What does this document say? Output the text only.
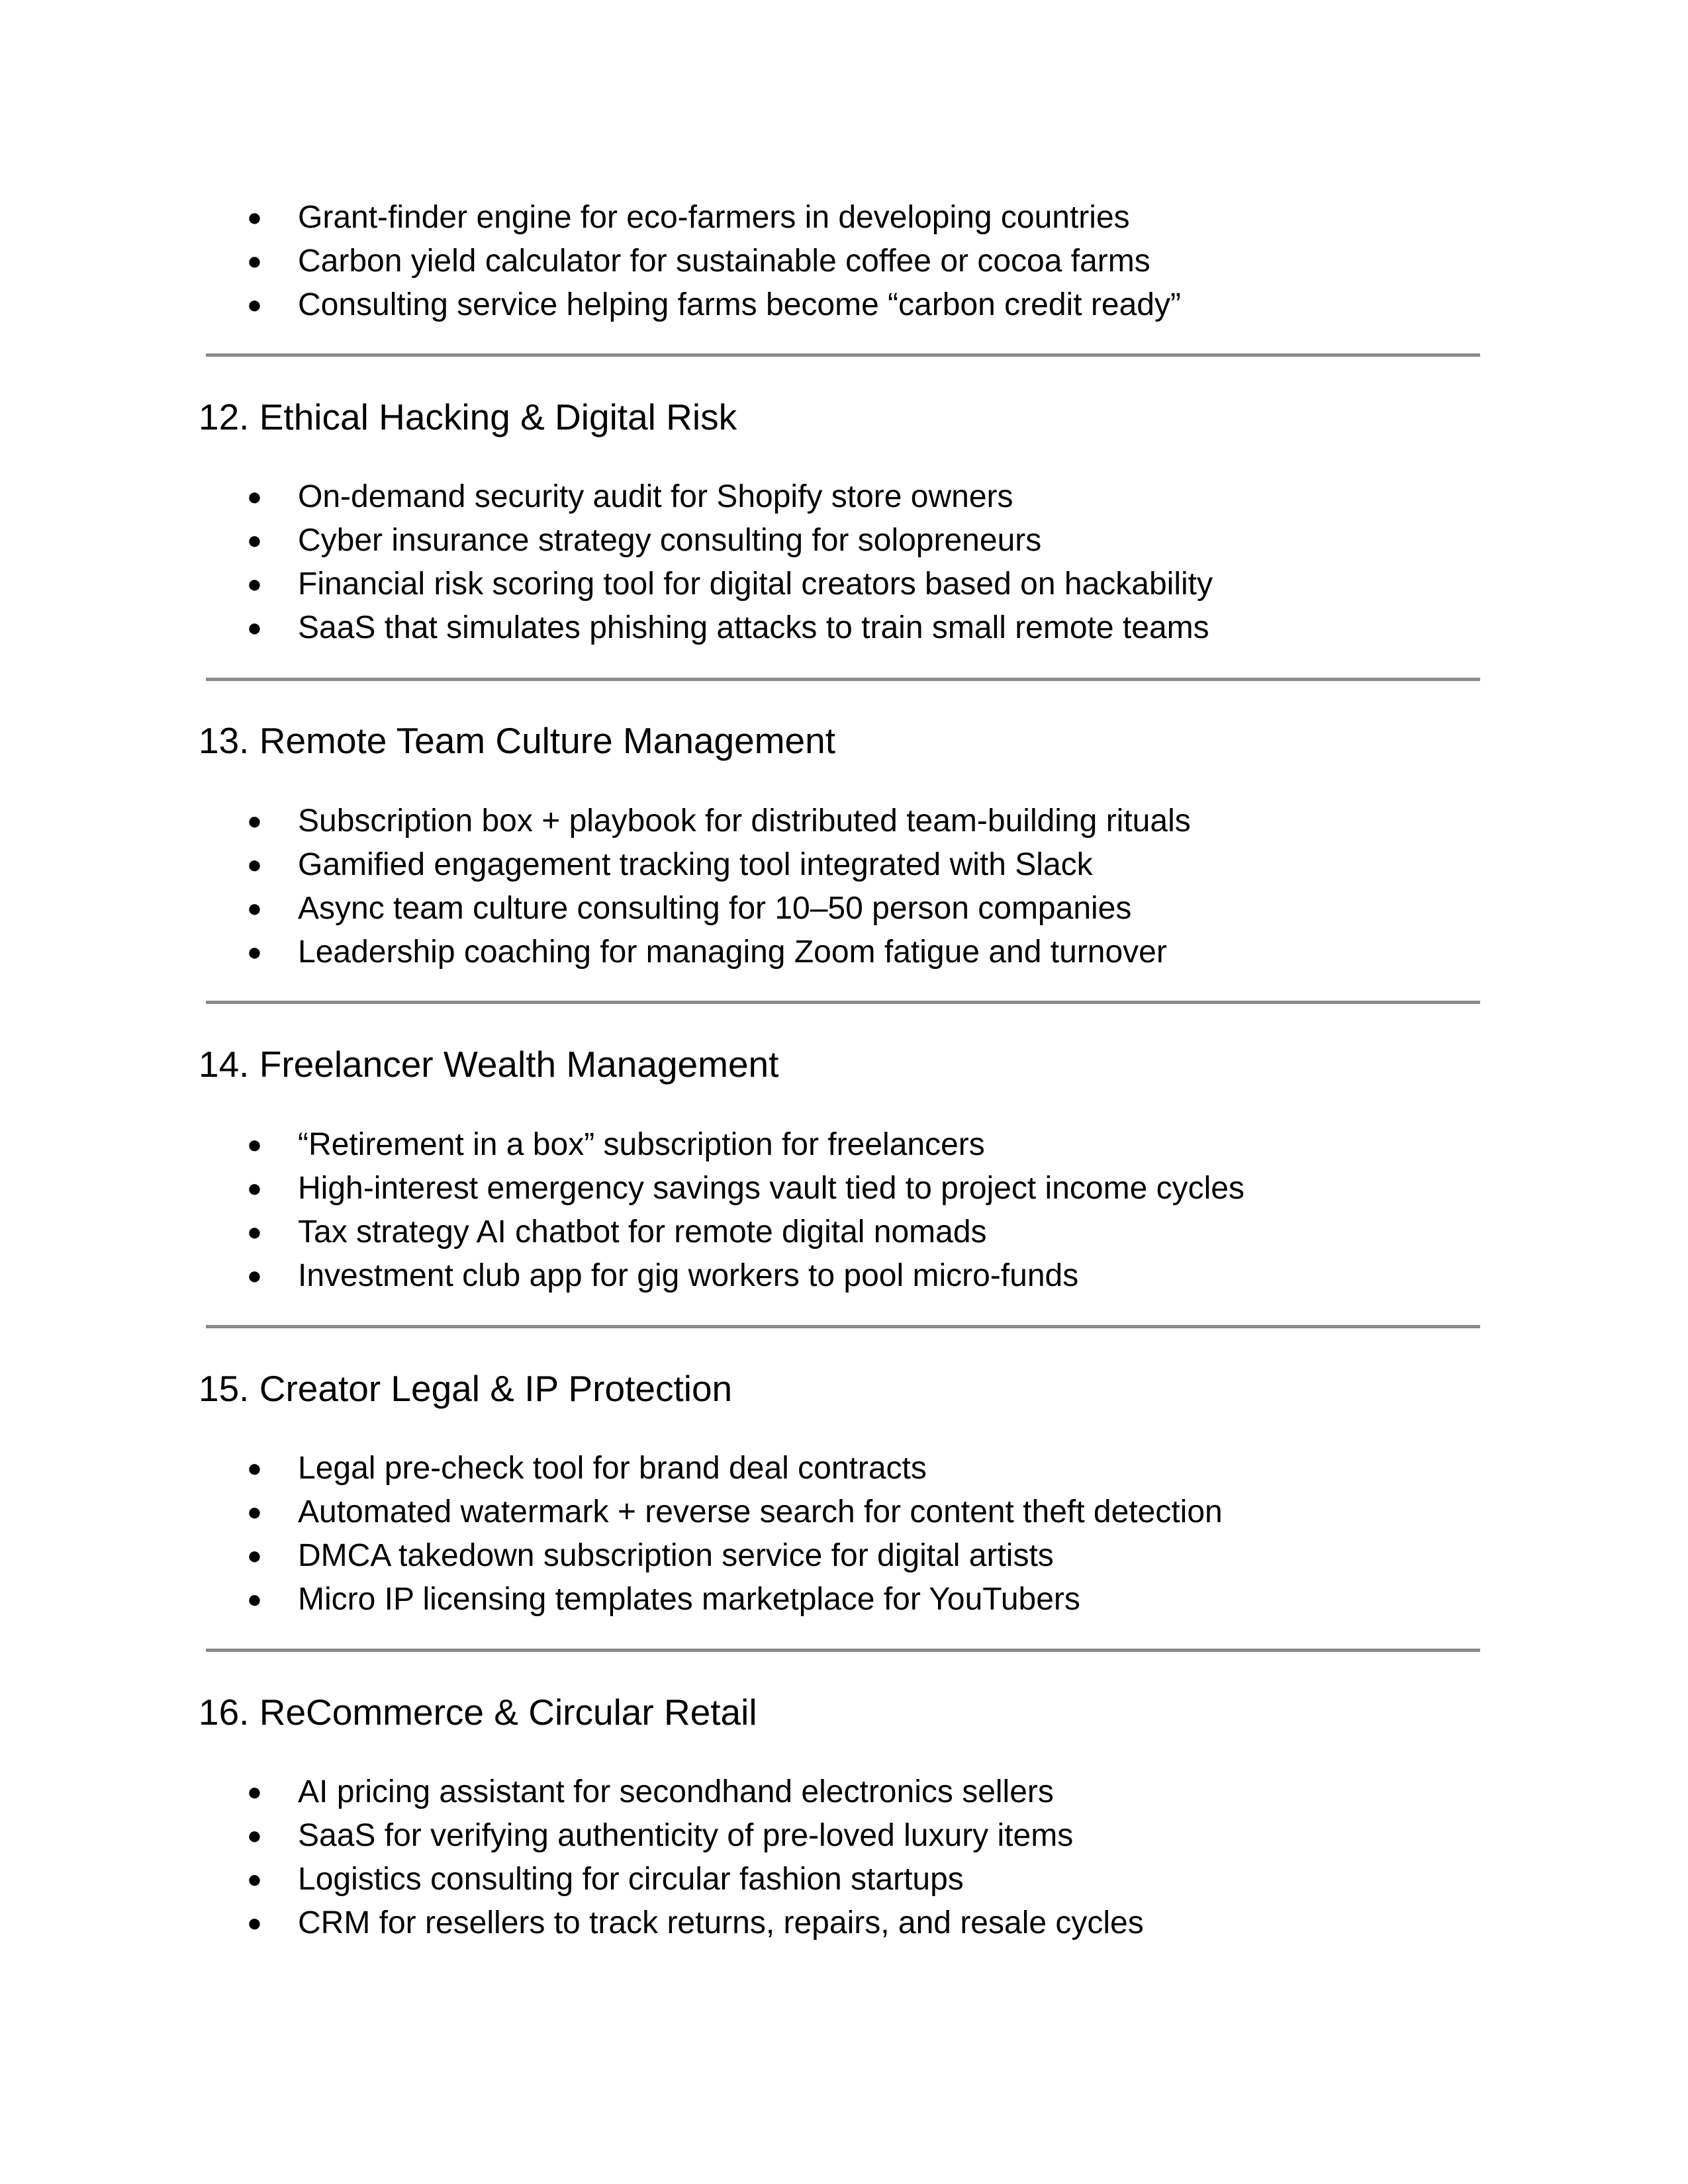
● Grant-finder engine for eco-farmers in developing countries
● Carbon yield calculator for sustainable coffee or cocoa farms
● Consulting service helping farms become “carbon credit ready”
12. Ethical Hacking & Digital Risk
● On-demand security audit for Shopify store owners
● Cyber insurance strategy consulting for solopreneurs
● Financial risk scoring tool for digital creators based on hackability
● SaaS that simulates phishing attacks to train small remote teams
13. Remote Team Culture Management
● Subscription box + playbook for distributed team-building rituals
● Gamified engagement tracking tool integrated with Slack
● Async team culture consulting for 10–50 person companies
● Leadership coaching for managing Zoom fatigue and turnover
14. Freelancer Wealth Management
● “Retirement in a box” subscription for freelancers
● High-interest emergency savings vault tied to project income cycles
● Tax strategy AI chatbot for remote digital nomads
● Investment club app for gig workers to pool micro-funds
15. Creator Legal & IP Protection
● Legal pre-check tool for brand deal contracts
● Automated watermark + reverse search for content theft detection
● DMCA takedown subscription service for digital artists
● Micro IP licensing templates marketplace for YouTubers
16. ReCommerce & Circular Retail
● AI pricing assistant for secondhand electronics sellers
● SaaS for verifying authenticity of pre-loved luxury items
● Logistics consulting for circular fashion startups
● CRM for resellers to track returns, repairs, and resale cycles
